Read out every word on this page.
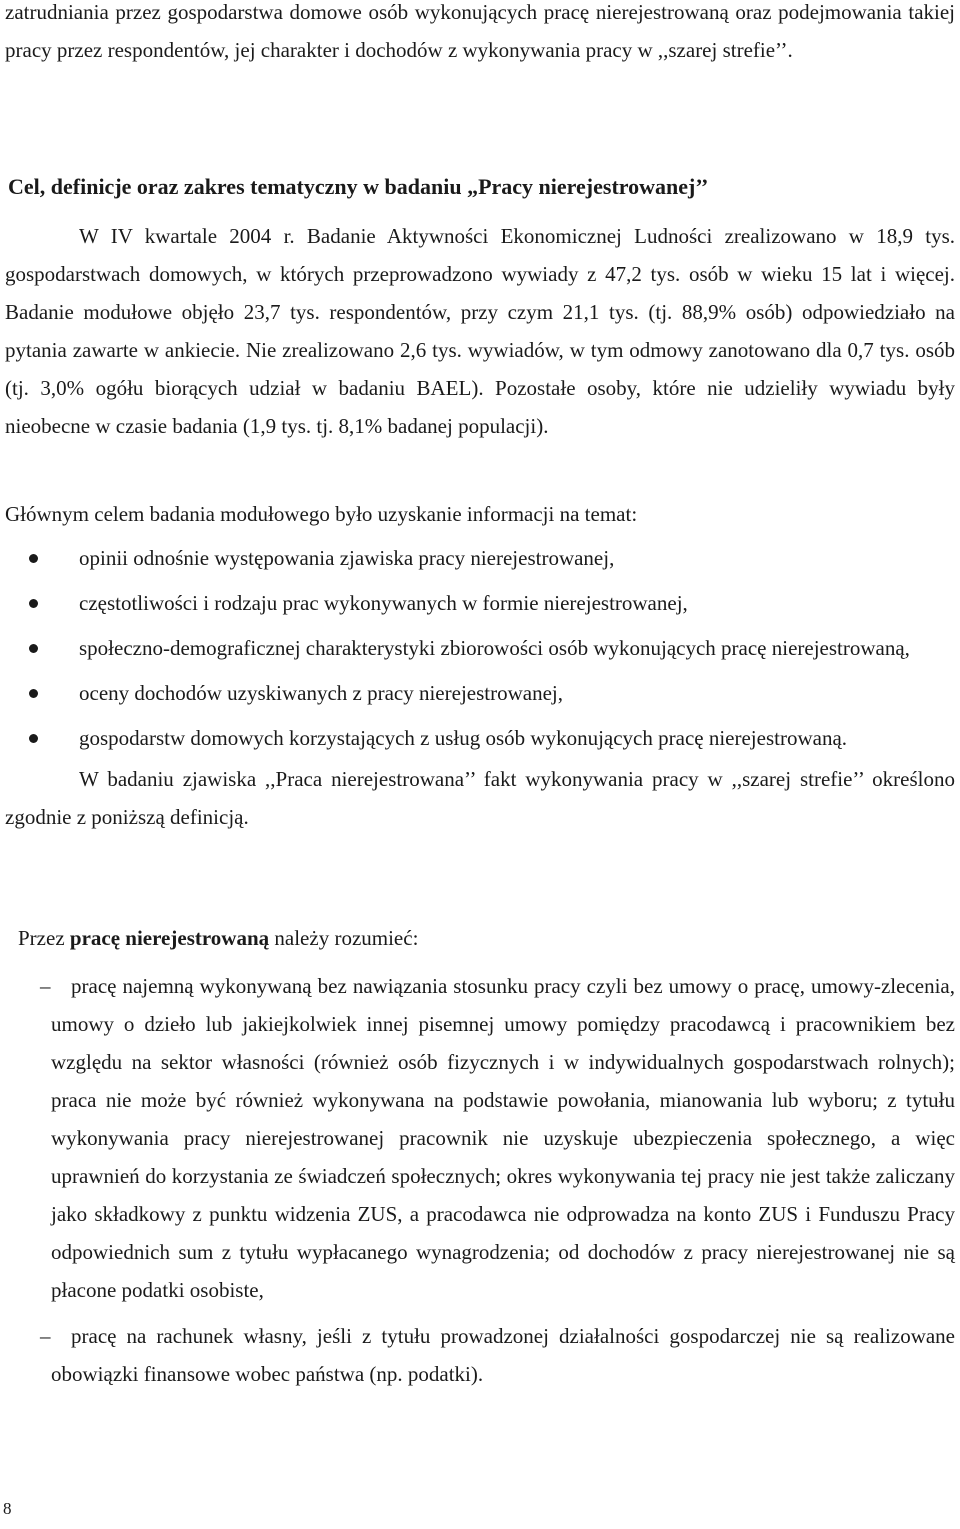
zatrudniania przez gospodarstwa domowe osób wykonujących pracę nierejestrowaną oraz podejmowania takiej pracy przez respondentów, jej charakter i dochodów z wykonywania pracy w ,,szarej strefie’’.

Cel, definicje oraz zakres tematyczny w badaniu „Pracy nierejestrowanej’’

W IV kwartale 2004 r. Badanie Aktywności Ekonomicznej Ludności zrealizowano w 18,9 tys. gospodarstwach domowych, w których przeprowadzono wywiady z 47,2 tys. osób w wieku 15 lat i więcej. Badanie modułowe objęło 23,7 tys. respondentów, przy czym 21,1 tys. (tj. 88,9% osób) odpowiedziało na pytania zawarte w ankiecie. Nie zrealizowano 2,6 tys. wywiadów, w tym odmowy zanotowano dla 0,7 tys. osób (tj. 3,0% ogółu biorących udział w badaniu BAEL). Pozostałe osoby, które nie udzieliły wywiadu były nieobecne w czasie badania (1,9 tys. tj. 8,1% badanej populacji).

Głównym celem badania modułowego było uzyskanie informacji na temat:

opinii odnośnie występowania zjawiska pracy nierejestrowanej,
częstotliwości i rodzaju prac wykonywanych w formie nierejestrowanej,
społeczno-demograficznej charakterystyki zbiorowości osób wykonujących pracę nierejestrowaną,
oceny dochodów uzyskiwanych z pracy nierejestrowanej,
gospodarstw domowych korzystających z usług osób wykonujących pracę nierejestrowaną.

W badaniu zjawiska ,,Praca nierejestrowana’’ fakt wykonywania pracy w ,,szarej strefie’’ określono zgodnie z poniższą definicją.

Przez pracę nierejestrowaną należy rozumieć:

– pracę najemną wykonywaną bez nawiązania stosunku pracy czyli bez umowy o pracę, umowy-zlecenia, umowy o dzieło lub jakiejkolwiek innej pisemnej umowy pomiędzy pracodawcą i pracownikiem bez względu na sektor własności (również osób fizycznych i w indywidualnych gospodarstwach rolnych); praca nie może być również wykonywana na podstawie powołania, mianowania lub wyboru; z tytułu wykonywania pracy nierejestrowanej pracownik nie uzyskuje ubezpieczenia społecznego, a więc uprawnień do korzystania ze świadczeń społecznych; okres wykonywania tej pracy nie jest także zaliczany jako składkowy z punktu widzenia ZUS, a pracodawca nie odprowadza na konto ZUS i Funduszu Pracy odpowiednich sum z tytułu wypłacanego wynagrodzenia; od dochodów z pracy nierejestrowanej nie są płacone podatki osobiste,

– pracę na rachunek własny, jeśli z tytułu prowadzonej działalności gospodarczej nie są realizowane obowiązki finansowe wobec państwa (np. podatki).

8
